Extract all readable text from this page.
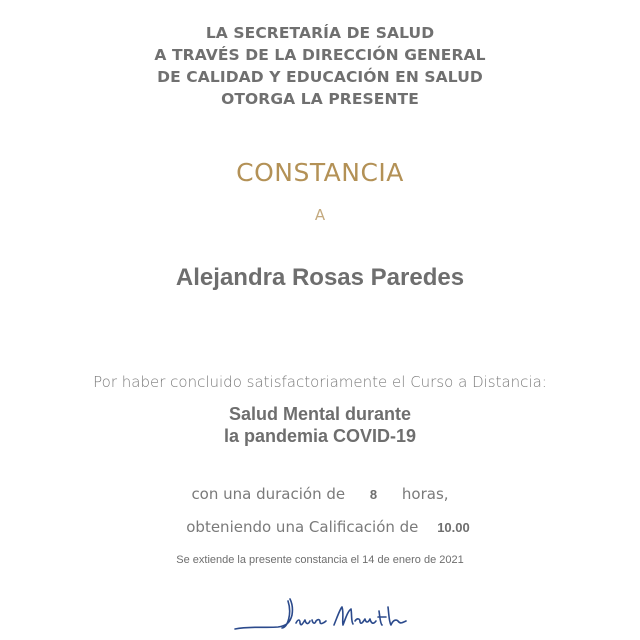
LA SECRETARÍA DE SALUD
A TRAVÉS DE LA DIRECCIÓN GENERAL
DE CALIDAD Y EDUCACIÓN EN SALUD
OTORGA LA PRESENTE
CONSTANCIA
A
Alejandra Rosas Paredes
Por haber concluido satisfactoriamente el Curso a Distancia:
Salud Mental durante
la pandemia COVID-19
con una duración de 8 horas,
obteniendo una Calificación de 10.00
Se extiende la presente constancia el 14 de enero de 2021
